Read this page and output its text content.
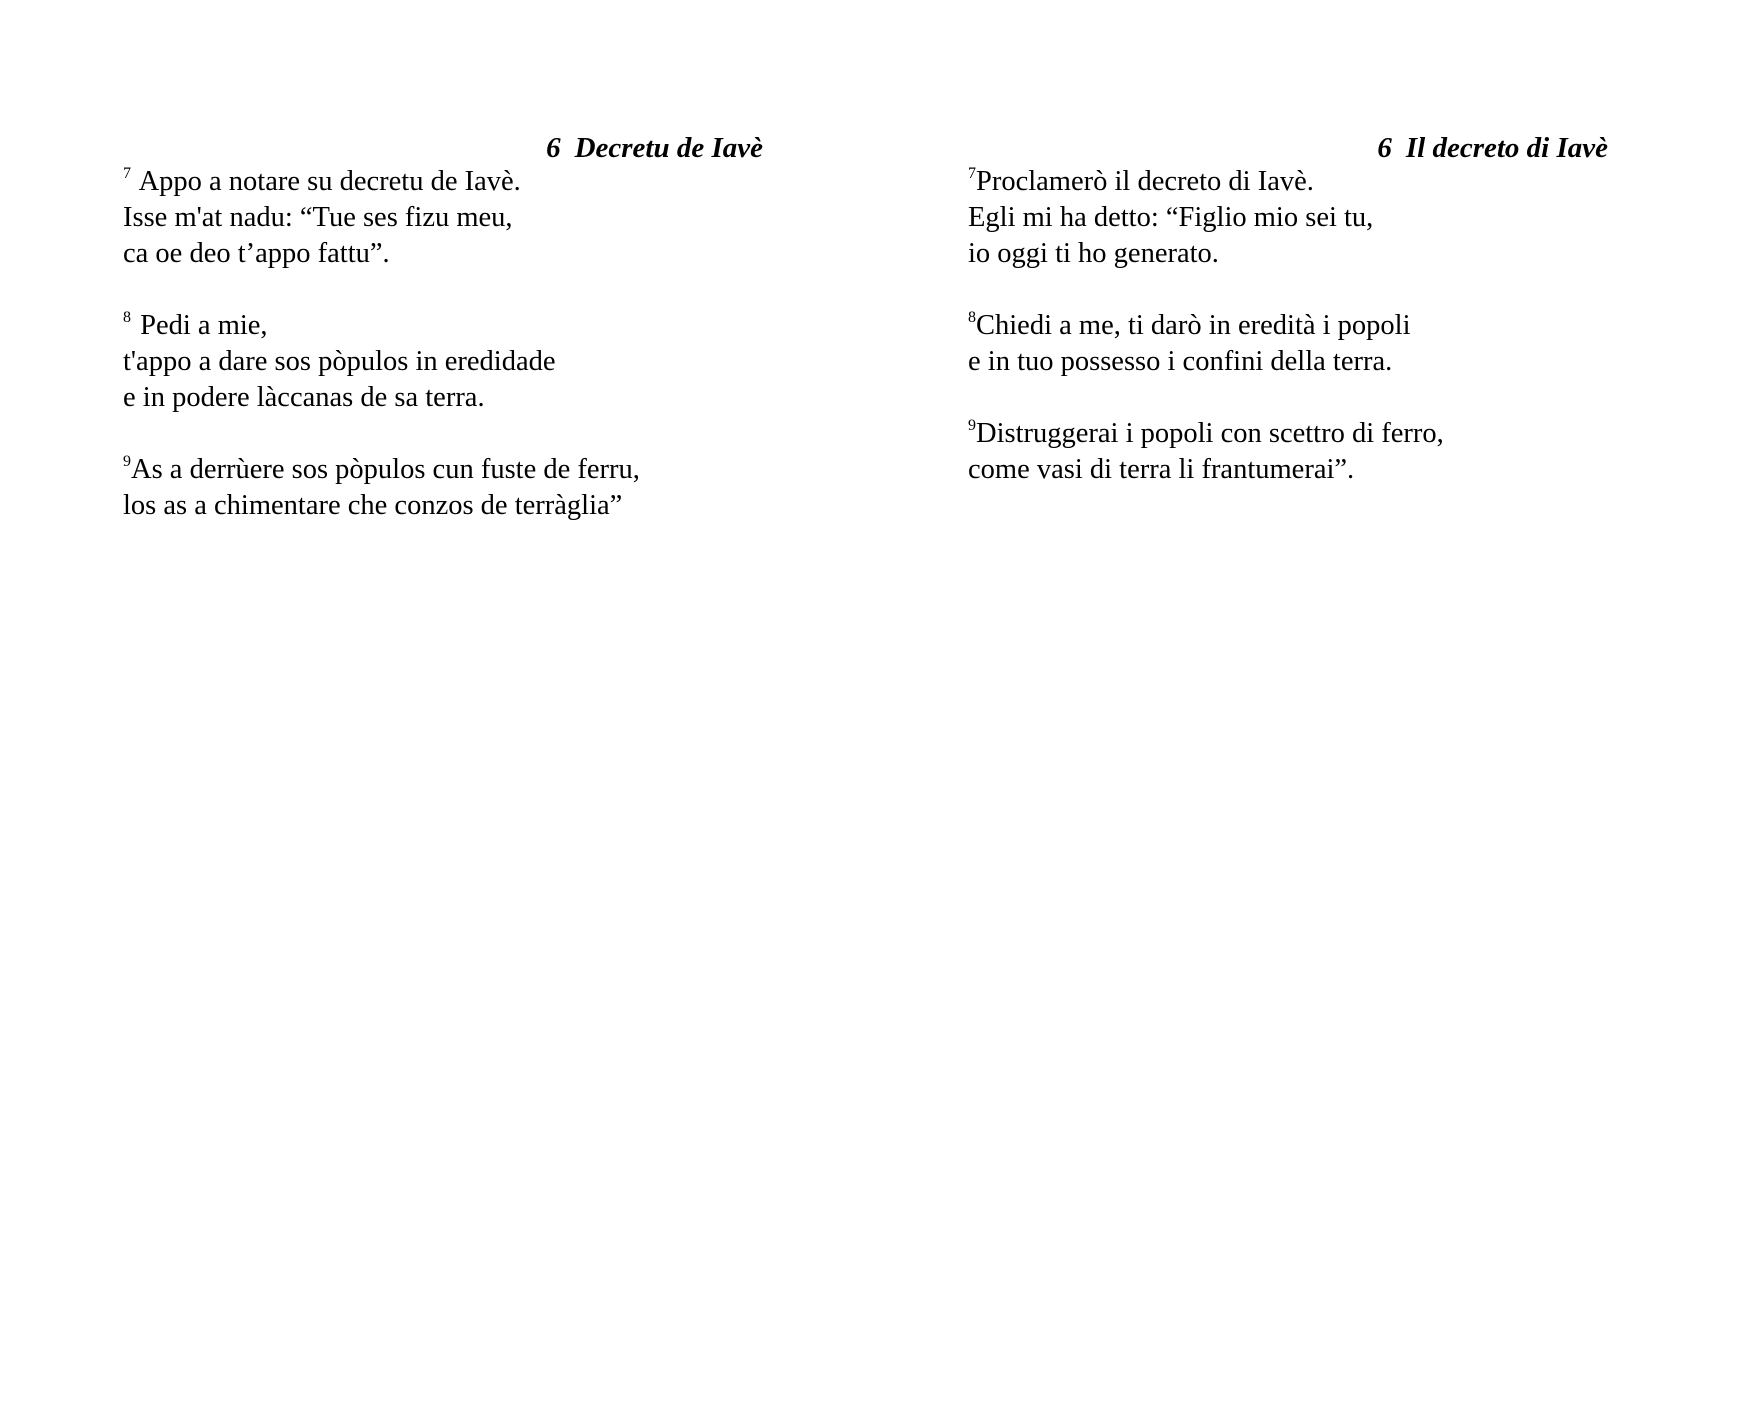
6 Decretu de Iavè
$^7$ Appo a notare su decretu de Iavè.
Isse m'at nadu: “Tue ses fizu meu,
ca oe deo t’appo fattu”.
$^8$ Pedi a mie,
t'appo a dare sos pòpulos in eredidade
e in podere làccanas de sa terra.
$^9$As a derrùere sos pòpulos cun fuste de ferru,
los as a chimentare che conzos de terràglia”
6 Il decreto di Iavè
$^7$Proclamerò il decreto di Iavè.
Egli mi ha detto: “Figlio mio sei tu,
io oggi ti ho generato.
$^8$Chiedi a me, ti darò in eredità i popoli
e in tuo possesso i confini della terra.
$^9$Distruggerai i popoli con scettro di ferro,
come vasi di terra li frantumerai”.
